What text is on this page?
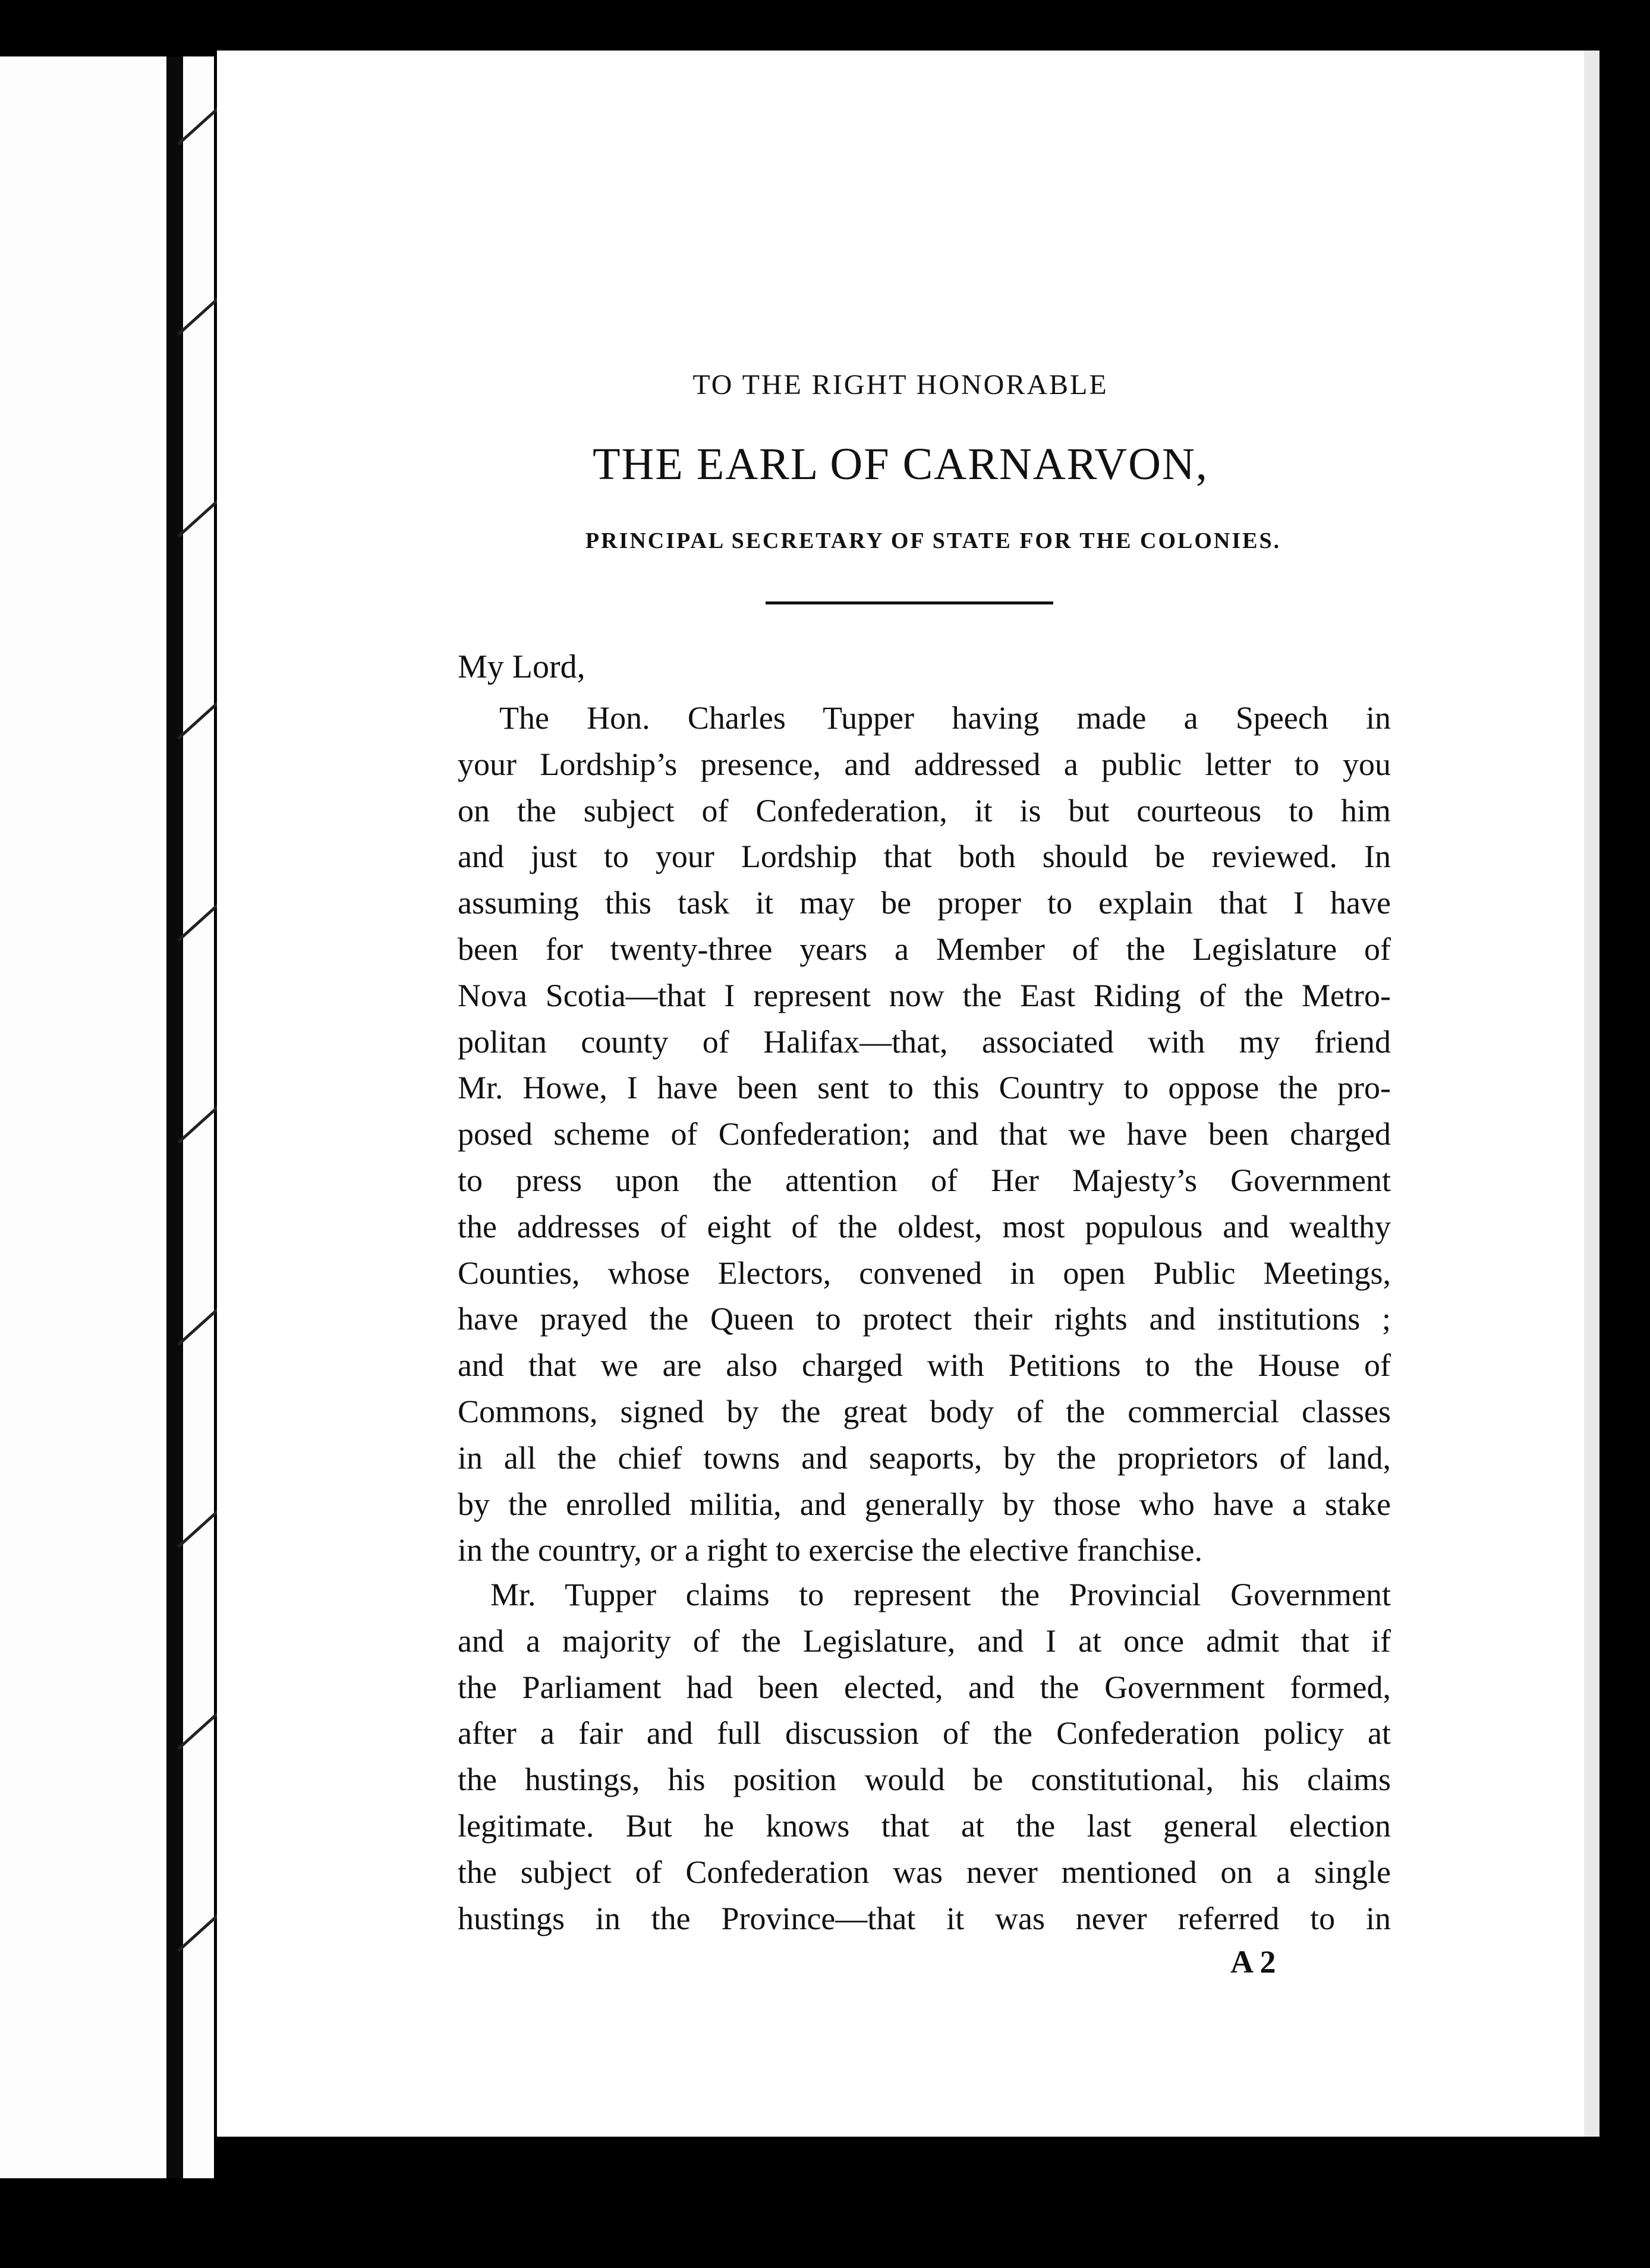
TO THE RIGHT HONORABLE
THE EARL OF CARNARVON,
PRINCIPAL SECRETARY OF STATE FOR THE COLONIES.
My Lord,
The Hon. Charles Tupper having made a Speech in
your Lordship’s presence, and addressed a public letter to you
on the subject of Confederation, it is but courteous to him
and just to your Lordship that both should be reviewed. In
assuming this task it may be proper to explain that I have
been for twenty-three years a Member of the Legislature of
Nova Scotia—that I represent now the East Riding of the Metro-
politan county of Halifax—that, associated with my friend
Mr. Howe, I have been sent to this Country to oppose the pro-
posed scheme of Confederation; and that we have been charged
to press upon the attention of Her Majesty’s Government
the addresses of eight of the oldest, most populous and wealthy
Counties, whose Electors, convened in open Public Meetings,
have prayed the Queen to protect their rights and institutions ;
and that we are also charged with Petitions to the House of
Commons, signed by the great body of the commercial classes
in all the chief towns and seaports, by the proprietors of land,
by the enrolled militia, and generally by those who have a stake
in the country, or a right to exercise the elective franchise.
Mr. Tupper claims to represent the Provincial Government
and a majority of the Legislature, and I at once admit that if
the Parliament had been elected, and the Government formed,
after a fair and full discussion of the Confederation policy at
the hustings, his position would be constitutional, his claims
legitimate. But he knows that at the last general election
the subject of Confederation was never mentioned on a single
hustings in the Province—that it was never referred to in
A 2
